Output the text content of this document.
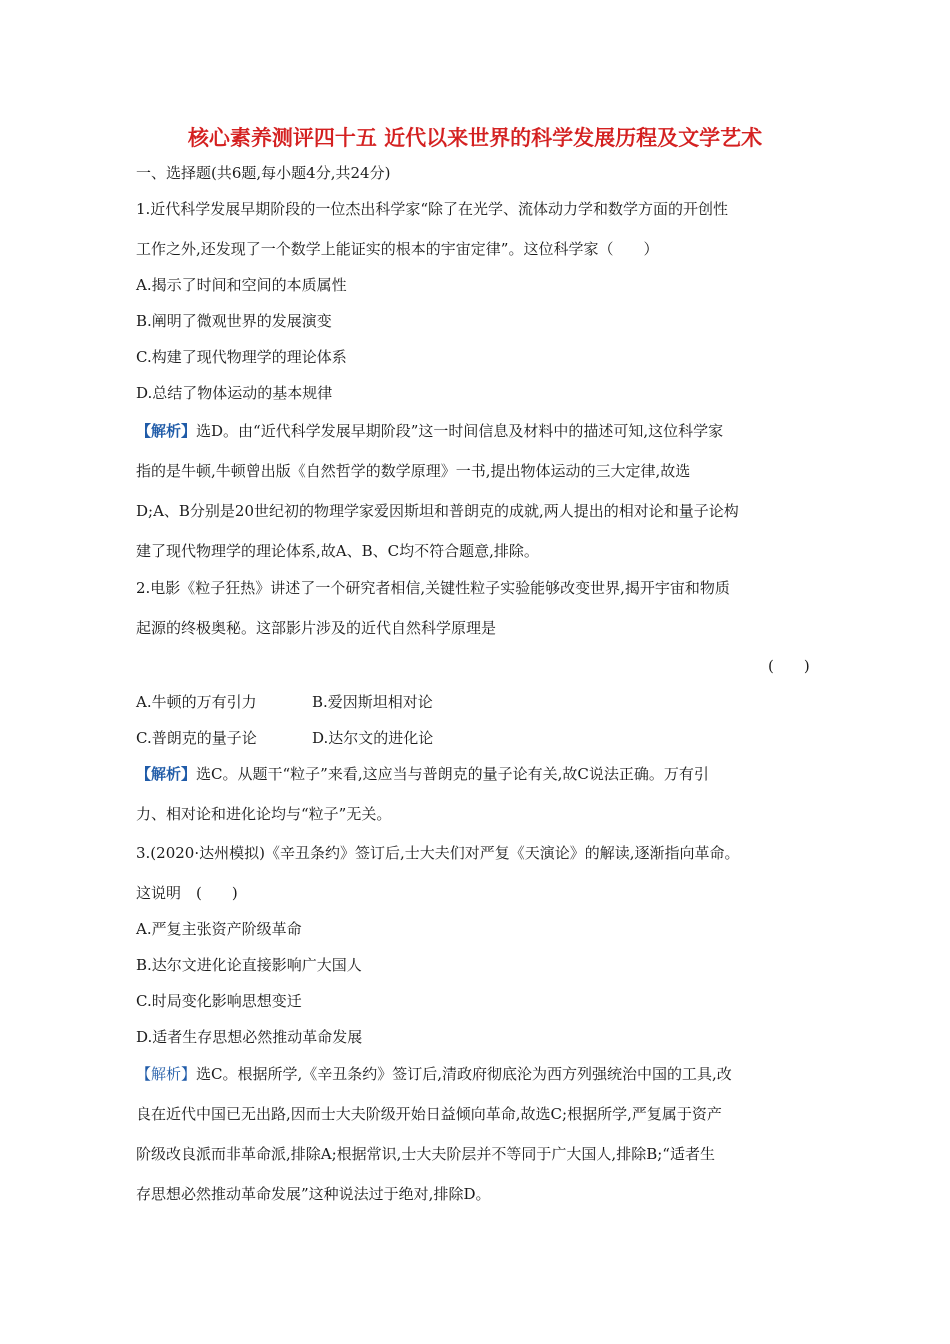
核心素养测评四十五 近代以来世界的科学发展历程及文学艺术
一、选择题(共6题,每小题4分,共24分)
1.近代科学发展早期阶段的一位杰出科学家“除了在光学、流体动力学和数学方面的开创性
工作之外,还发现了一个数学上能证实的根本的宇宙定律”。这位科学家（　　）
A.揭示了时间和空间的本质属性
B.阐明了微观世界的发展演变
C.构建了现代物理学的理论体系
D.总结了物体运动的基本规律
【解析】选D。由“近代科学发展早期阶段”这一时间信息及材料中的描述可知,这位科学家
指的是牛顿,牛顿曾出版《自然哲学的数学原理》一书,提出物体运动的三大定律,故选
D;A、B分别是20世纪初的物理学家爱因斯坦和普朗克的成就,两人提出的相对论和量子论构
建了现代物理学的理论体系,故A、B、C均不符合题意,排除。
2.电影《粒子狂热》讲述了一个研究者相信,关键性粒子实验能够改变世界,揭开宇宙和物质
起源的终极奥秘。这部影片涉及的近代自然科学原理是
(　　)
A.牛顿的万有引力	B.爱因斯坦相对论
C.普朗克的量子论	D.达尔文的进化论
【解析】选C。从题干“粒子”来看,这应当与普朗克的量子论有关,故C说法正确。万有引
力、相对论和进化论均与“粒子”无关。
3.(2020·达州模拟)《辛丑条约》签订后,士大夫们对严复《天演论》的解读,逐渐指向革命。
这说明　(　　)
A.严复主张资产阶级革命
B.达尔文进化论直接影响广大国人
C.时局变化影响思想变迁
D.适者生存思想必然推动革命发展
【解析】选C。根据所学,《辛丑条约》签订后,清政府彻底沦为西方列强统治中国的工具,改
良在近代中国已无出路,因而士大夫阶级开始日益倾向革命,故选C;根据所学,严复属于资产
阶级改良派而非革命派,排除A;根据常识,士大夫阶层并不等同于广大国人,排除B;“适者生
存思想必然推动革命发展”这种说法过于绝对,排除D。
